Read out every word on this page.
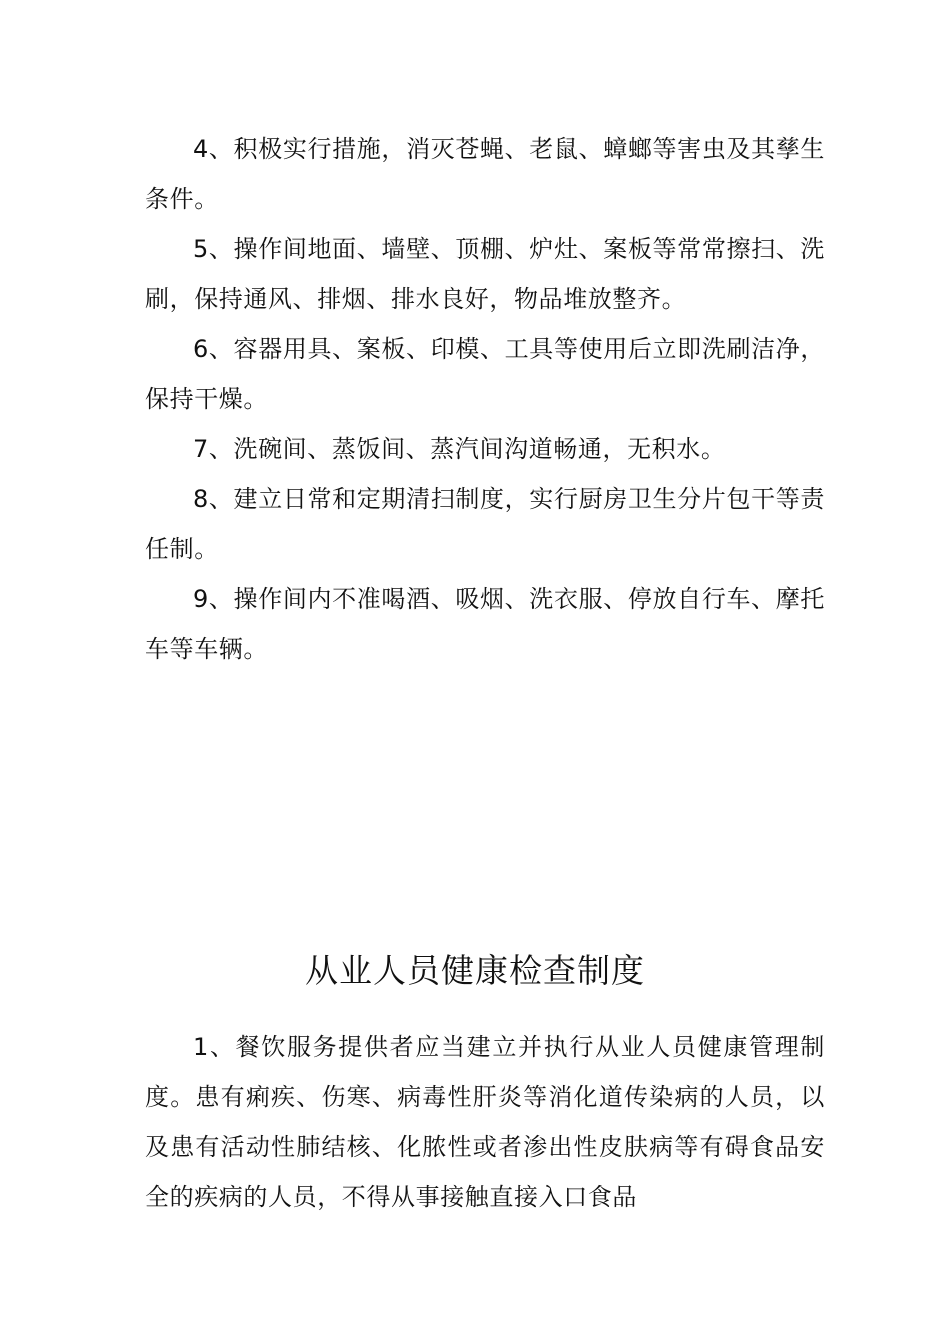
4、积极实行措施，消灭苍蝇、老鼠、蟑螂等害虫及其孳生条件。

5、操作间地面、墙壁、顶棚、炉灶、案板等常常擦扫、洗刷，保持通风、排烟、排水良好，物品堆放整齐。

6、容器用具、案板、印模、工具等使用后立即洗刷洁净，保持干燥。

7、洗碗间、蒸饭间、蒸汽间沟道畅通，无积水。

8、建立日常和定期清扫制度，实行厨房卫生分片包干等责任制。

9、操作间内不准喝酒、吸烟、洗衣服、停放自行车、摩托车等车辆。

从业人员健康检查制度

1、餐饮服务提供者应当建立并执行从业人员健康管理制度。患有痢疾、伤寒、病毒性肝炎等消化道传染病的人员，以及患有活动性肺结核、化脓性或者渗出性皮肤病等有碍食品安全的疾病的人员，不得从事接触直接入口食品
